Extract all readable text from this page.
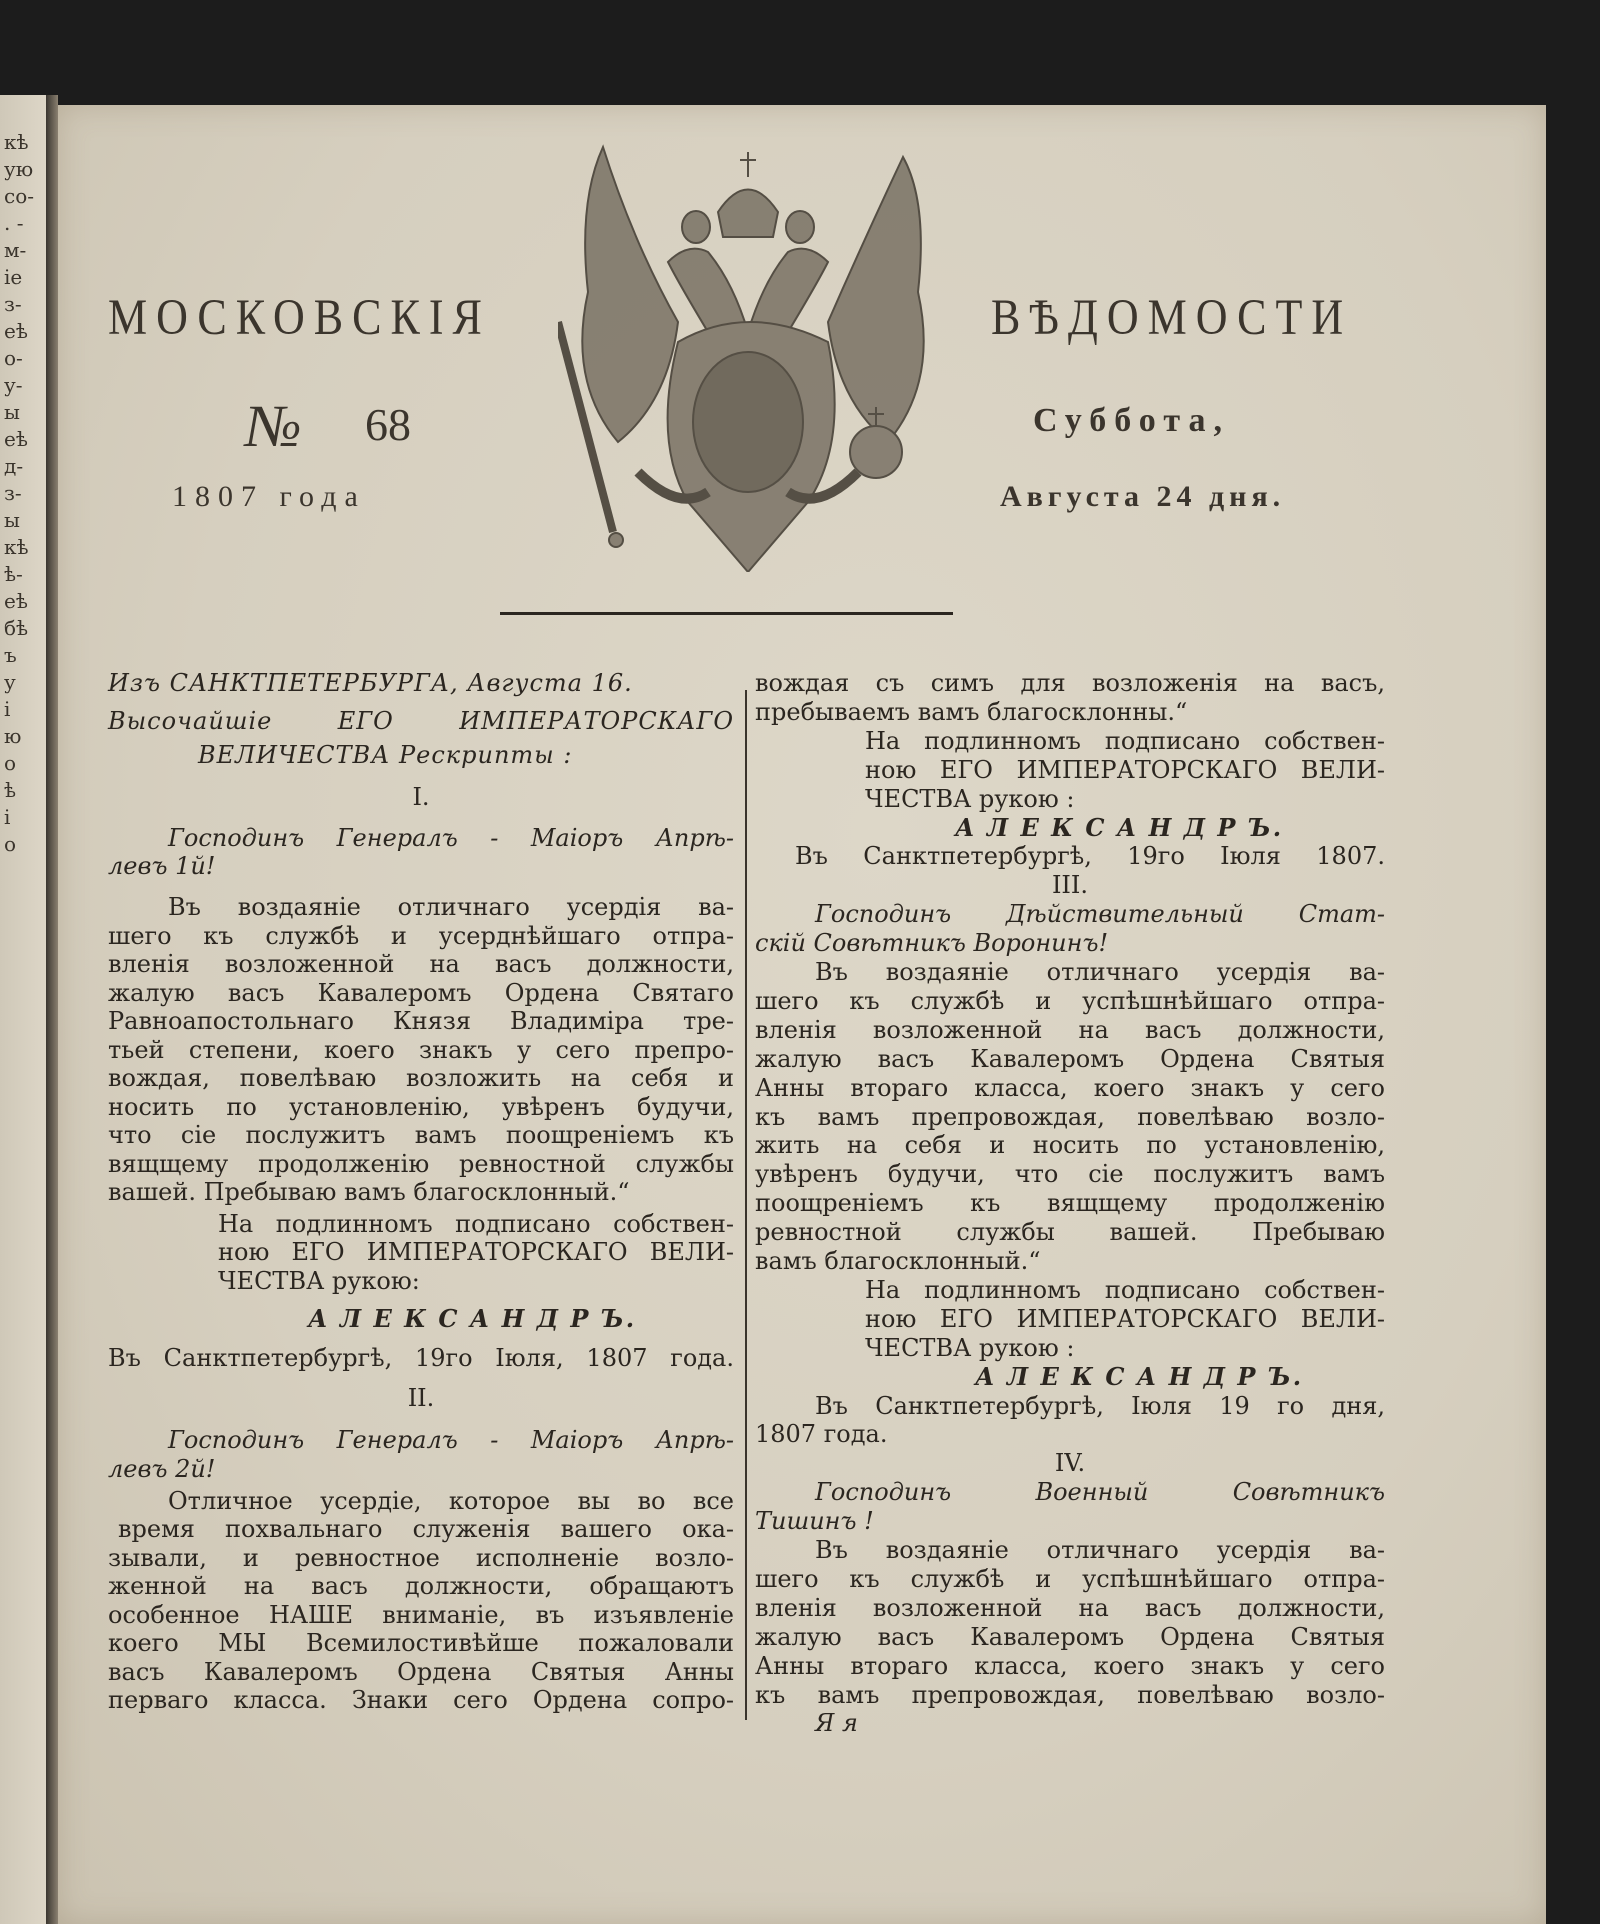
МОСКОВСКІЯ	ВѢДОМОСТИ
№ 68	Суббота,
1807 года	Августа 24 дня.
кѣ
ую
со-
. -
м-
іе
з-
еѣ
о-
у-
ы
еѣ
д-
з-
ы
кѣ
ѣ-
еѣ
бѣ
ъ
у
і
ю
о
ѣ
і
о
Изъ САНКТПЕТЕРБУРГА, Августа 16.
Высочайшіе ЕГО ИМПЕРАТОРСКАГО
ВЕЛИЧЕСТВА Рескрипты :
I.
Господинъ Генералъ - Маіоръ Апрѣ-
левъ 1й!
Въ воздаяніе отличнаго усердія ва-
шего къ службѣ и усерднѣйшаго отпра-
вленія возложенной на васъ должности,
жалую васъ Кавалеромъ Ордена Святаго
Равноапостольнаго Князя Владиміра тре-
тьей степени, коего знакъ у сего препро-
вождая, повелѣваю возложить на себя и
носить по установленію, увѣренъ будучи,
что сіе послужитъ вамъ поощреніемъ къ
вящщему продолженію ревностной службы
вашей. Пребываю вамъ благосклонный.“
На подлинномъ подписано собствен-
ною ЕГО ИМПЕРАТОРСКАГО ВЕЛИ-
ЧЕСТВА рукою:
А Л Е К С А Н Д Р Ъ.
Въ Санктпетербургѣ, 19го Іюля, 1807 года.
II.
Господинъ Генералъ - Маіоръ Апрѣ-
левъ 2й!
Отличное усердіе, которое вы во все
время похвальнаго служенія вашего ока-
зывали, и ревностное исполненіе возло-
женной на васъ должности, обращаютъ
особенное НАШЕ вниманіе, въ изъявленіе
коего МЫ Всемилостивѣйше пожаловали
васъ Кавалеромъ Ордена Святыя Анны
перваго класса. Знаки сего Ордена сопро-
вождая съ симъ для возложенія на васъ,
пребываемъ вамъ благосклонны.“
На подлинномъ подписано собствен-
ною ЕГО ИМПЕРАТОРСКАГО ВЕЛИ-
ЧЕСТВА рукою :
А Л Е К С А Н Д Р Ъ.
Въ Санктпетербургѣ, 19го Іюля 1807.
III.
Господинъ Дѣйствительный Стат-
скій Совѣтникъ Воронинъ!
Въ воздаяніе отличнаго усердія ва-
шего къ службѣ и успѣшнѣйшаго отпра-
вленія возложенной на васъ должности,
жалую васъ Кавалеромъ Ордена Святыя
Анны втораго класса, коего знакъ у сего
къ вамъ препровождая, повелѣваю возло-
жить на себя и носить по установленію,
увѣренъ будучи, что сіе послужитъ вамъ
поощреніемъ къ вящщему продолженію
ревностной службы вашей. Пребываю
вамъ благосклонный.“
На подлинномъ подписано собствен-
ною ЕГО ИМПЕРАТОРСКАГО ВЕЛИ-
ЧЕСТВА рукою :
А Л Е К С А Н Д Р Ъ.
Въ Санктпетербургѣ, Іюля 19 го дня,
1807 года.
IV.
Господинъ Военный Совѣтникъ
Тишинъ !
Въ воздаяніе отличнаго усердія ва-
шего къ службѣ и успѣшнѣйшаго отпра-
вленія возложенной на васъ должности,
жалую васъ Кавалеромъ Ордена Святыя
Анны втораго класса, коего знакъ у сего
къ вамъ препровождая, повелѣваю возло-
Я я
